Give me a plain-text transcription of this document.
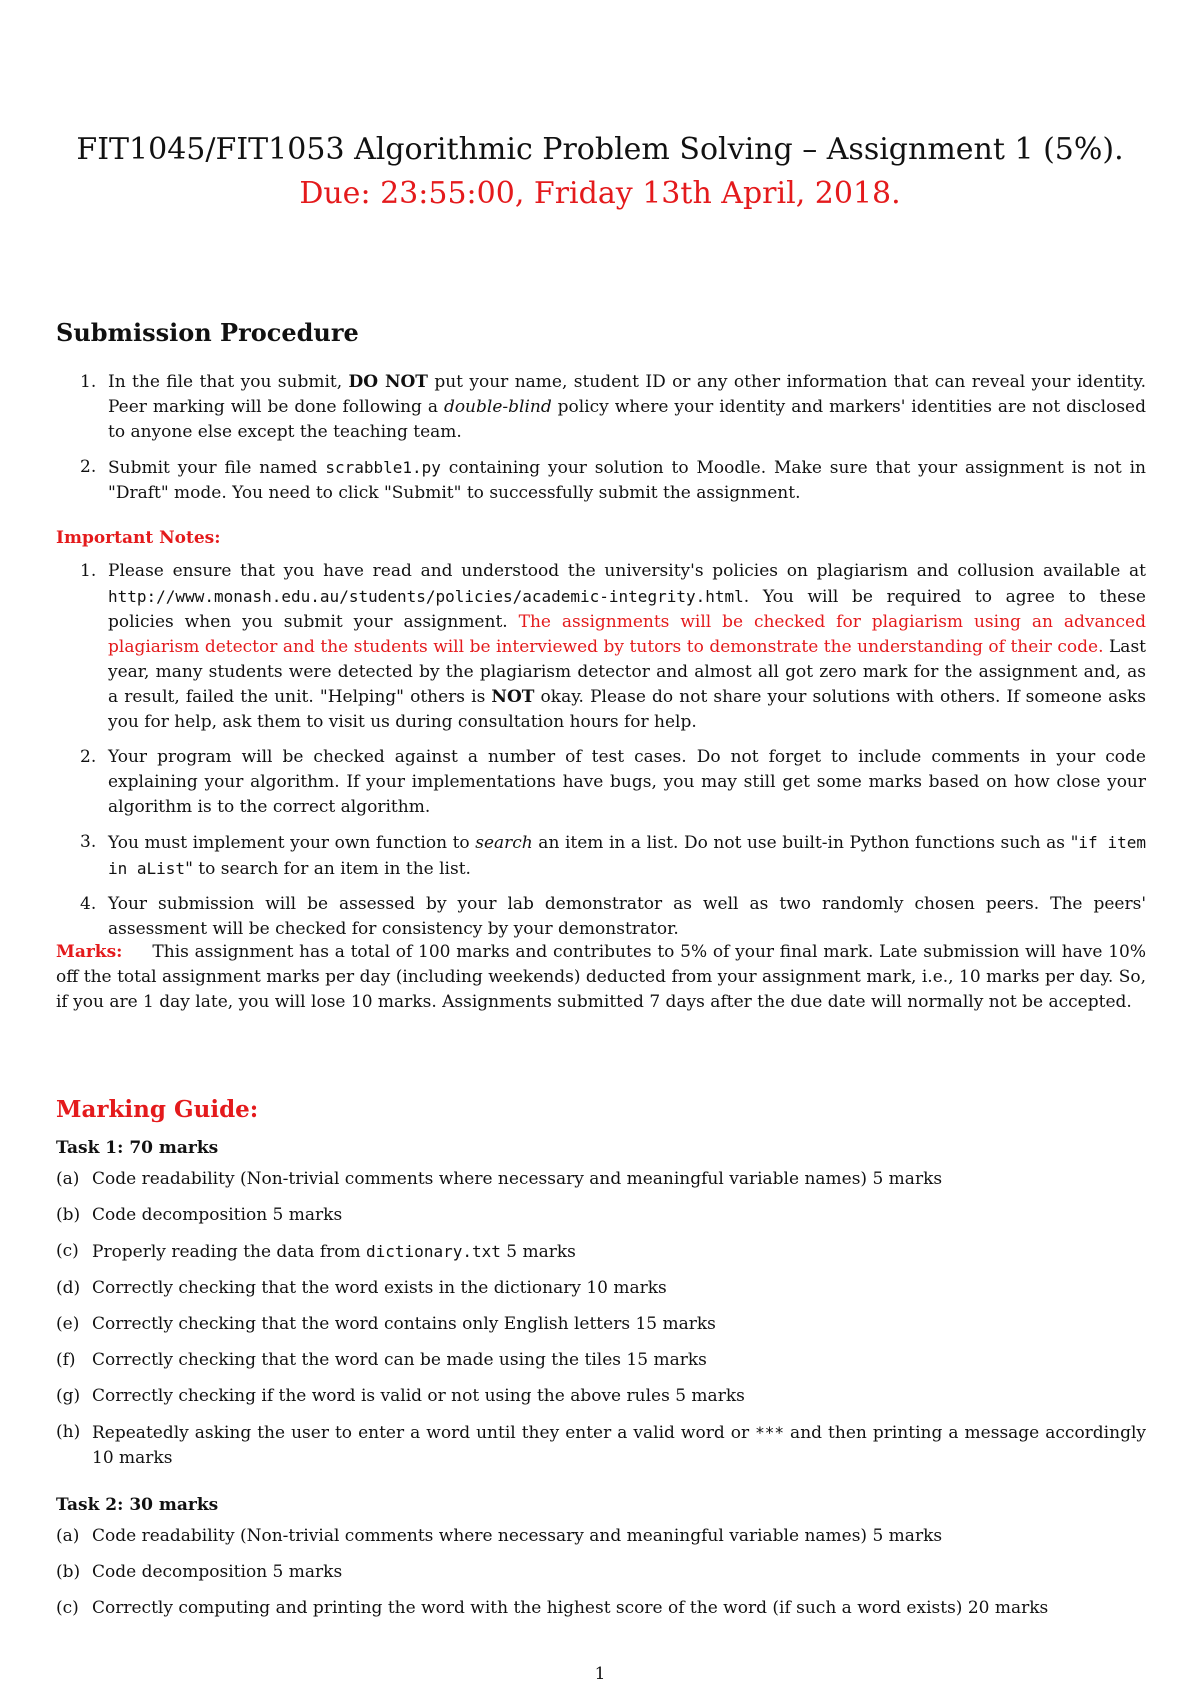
FIT1045/FIT1053 Algorithmic Problem Solving – Assignment 1 (5%).
Due: 23:55:00, Friday 13th April, 2018.
Submission Procedure
1. In the file that you submit, DO NOT put your name, student ID or any other information that can reveal your identity. Peer marking will be done following a double-blind policy where your identity and markers' identities are not disclosed to anyone else except the teaching team.
2. Submit your file named scrabble1.py containing your solution to Moodle. Make sure that your assignment is not in "Draft" mode. You need to click "Submit" to successfully submit the assignment.
Important Notes:
1. Please ensure that you have read and understood the university's policies on plagiarism and collusion available at http://www.monash.edu.au/students/policies/academic-integrity.html. You will be required to agree to these policies when you submit your assignment. The assignments will be checked for plagiarism using an advanced plagiarism detector and the students will be interviewed by tutors to demonstrate the understanding of their code. Last year, many students were detected by the plagiarism detector and almost all got zero mark for the assignment and, as a result, failed the unit. "Helping" others is NOT okay. Please do not share your solutions with others. If someone asks you for help, ask them to visit us during consultation hours for help.
2. Your program will be checked against a number of test cases. Do not forget to include comments in your code explaining your algorithm. If your implementations have bugs, you may still get some marks based on how close your algorithm is to the correct algorithm.
3. You must implement your own function to search an item in a list. Do not use built-in Python functions such as "if item in aList" to search for an item in the list.
4. Your submission will be assessed by your lab demonstrator as well as two randomly chosen peers. The peers' assessment will be checked for consistency by your demonstrator.
Marks: This assignment has a total of 100 marks and contributes to 5% of your final mark. Late submission will have 10% off the total assignment marks per day (including weekends) deducted from your assignment mark, i.e., 10 marks per day. So, if you are 1 day late, you will lose 10 marks. Assignments submitted 7 days after the due date will normally not be accepted.
Marking Guide:
Task 1: 70 marks
(a) Code readability (Non-trivial comments where necessary and meaningful variable names) 5 marks
(b) Code decomposition 5 marks
(c) Properly reading the data from dictionary.txt 5 marks
(d) Correctly checking that the word exists in the dictionary 10 marks
(e) Correctly checking that the word contains only English letters 15 marks
(f) Correctly checking that the word can be made using the tiles 15 marks
(g) Correctly checking if the word is valid or not using the above rules 5 marks
(h) Repeatedly asking the user to enter a word until they enter a valid word or *** and then printing a message accordingly 10 marks
Task 2: 30 marks
(a) Code readability (Non-trivial comments where necessary and meaningful variable names) 5 marks
(b) Code decomposition 5 marks
(c) Correctly computing and printing the word with the highest score of the word (if such a word exists) 20 marks
1
